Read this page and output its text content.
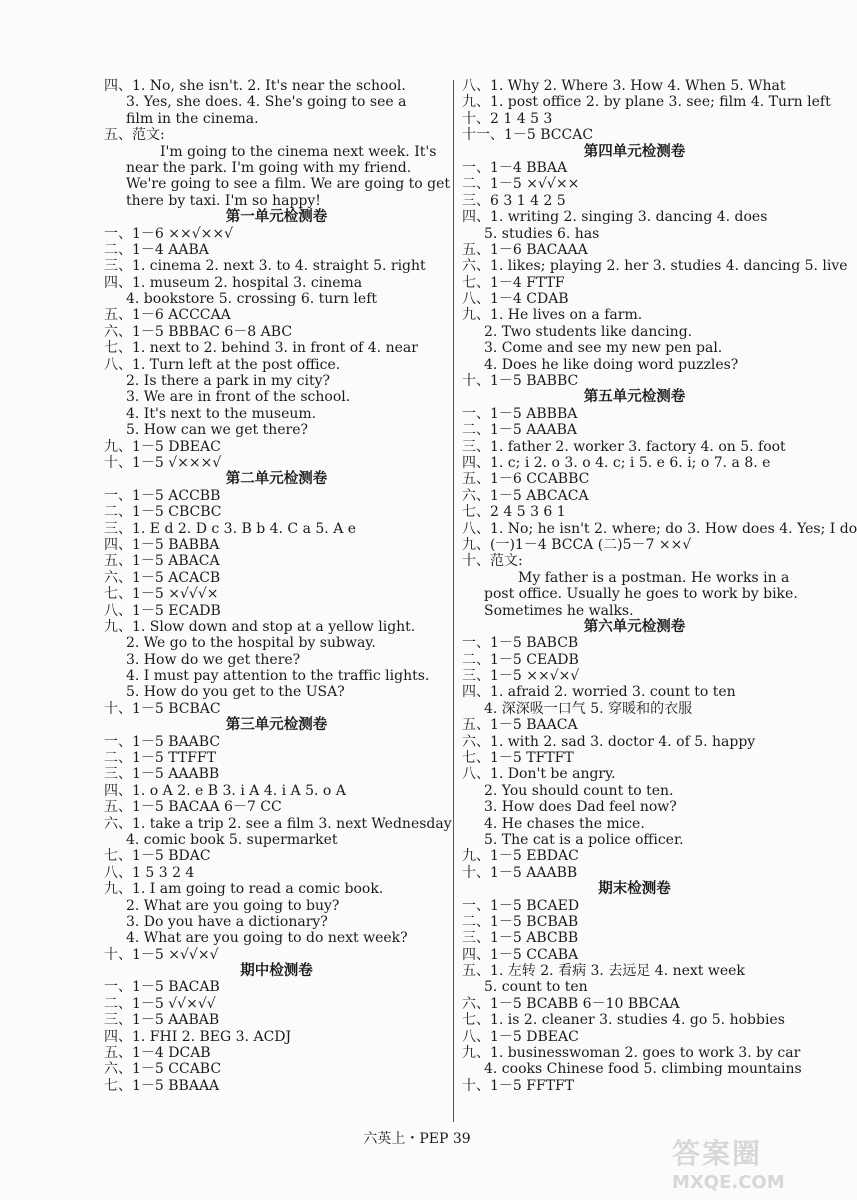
四、1. No, she isn't. 2. It's near the school.
3. Yes, she does. 4. She's going to see a
film in the cinema.
五、范文:
I'm going to the cinema next week. It's
near the park. I'm going with my friend.
We're going to see a film. We are going to get
there by taxi. I'm so happy!
第一单元检测卷
一、1－6 ××√××√
二、1－4 AABA
三、1. cinema 2. next 3. to 4. straight 5. right
四、1. museum 2. hospital 3. cinema
4. bookstore 5. crossing 6. turn left
五、1－6 ACCCAA
六、1－5 BBBAC 6－8 ABC
七、1. next to 2. behind 3. in front of 4. near
八、1. Turn left at the post office.
2. Is there a park in my city?
3. We are in front of the school.
4. It's next to the museum.
5. How can we get there?
九、1－5 DBEAC
十、1－5 √×××√
第二单元检测卷
一、1－5 ACCBB
二、1－5 CBCBC
三、1. E d 2. D c 3. B b 4. C a 5. A e
四、1－5 BABBA
五、1－5 ABACA
六、1－5 ACACB
七、1－5 ×√√√×
八、1－5 ECADB
九、1. Slow down and stop at a yellow light.
2. We go to the hospital by subway.
3. How do we get there?
4. I must pay attention to the traffic lights.
5. How do you get to the USA?
十、1－5 BCBAC
第三单元检测卷
一、1－5 BAABC
二、1－5 TTFFT
三、1－5 AAABB
四、1. o A 2. e B 3. i A 4. i A 5. o A
五、1－5 BACAA 6－7 CC
六、1. take a trip 2. see a film 3. next Wednesday
4. comic book 5. supermarket
七、1－5 BDAC
八、1 5 3 2 4
九、1. I am going to read a comic book.
2. What are you going to buy?
3. Do you have a dictionary?
4. What are you going to do next week?
十、1－5 ×√√×√
期中检测卷
一、1－5 BACAB
二、1－5 √√×√√
三、1－5 AABAB
四、1. FHI 2. BEG 3. ACDJ
五、1－4 DCAB
六、1－5 CCABC
七、1－5 BBAAA
八、1. Why 2. Where 3. How 4. When 5. What
九、1. post office 2. by plane 3. see; film 4. Turn left
十、2 1 4 5 3
十一、1－5 BCCAC
第四单元检测卷
一、1－4 BBAA
二、1－5 ×√√××
三、6 3 1 4 2 5
四、1. writing 2. singing 3. dancing 4. does
5. studies 6. has
五、1－6 BACAAA
六、1. likes; playing 2. her 3. studies 4. dancing 5. live
七、1－4 FTTF
八、1－4 CDAB
九、1. He lives on a farm.
2. Two students like dancing.
3. Come and see my new pen pal.
4. Does he like doing word puzzles?
十、1－5 BABBC
第五单元检测卷
一、1－5 ABBBA
二、1－5 AAABA
三、1. father 2. worker 3. factory 4. on 5. foot
四、1. c; i 2. o 3. o 4. c; i 5. e 6. i; o 7. a 8. e
五、1－6 CCABBC
六、1－5 ABCACA
七、2 4 5 3 6 1
八、1. No; he isn't 2. where; do 3. How does 4. Yes; I do
九、(一)1－4 BCCA (二)5－7 ××√
十、范文:
My father is a postman. He works in a
post office. Usually he goes to work by bike.
Sometimes he walks.
第六单元检测卷
一、1－5 BABCB
二、1－5 CEADB
三、1－5 ××√×√
四、1. afraid 2. worried 3. count to ten
4. 深深吸一口气 5. 穿暖和的衣服
五、1－5 BAACA
六、1. with 2. sad 3. doctor 4. of 5. happy
七、1－5 TFTFT
八、1. Don't be angry.
2. You should count to ten.
3. How does Dad feel now?
4. He chases the mice.
5. The cat is a police officer.
九、1－5 EBDAC
十、1－5 AAABB
期末检测卷
一、1－5 BCAED
二、1－5 BCBAB
三、1－5 ABCBB
四、1－5 CCABA
五、1. 左转 2. 看病 3. 去远足 4. next week
5. count to ten
六、1－5 BCABB 6－10 BBCAA
七、1. is 2. cleaner 3. studies 4. go 5. hobbies
八、1－5 DBEAC
九、1. businesswoman 2. goes to work 3. by car
4. cooks Chinese food 5. climbing mountains
十、1－5 FFTFT
六英上・PEP 39	答案圈
MXQE.COM
